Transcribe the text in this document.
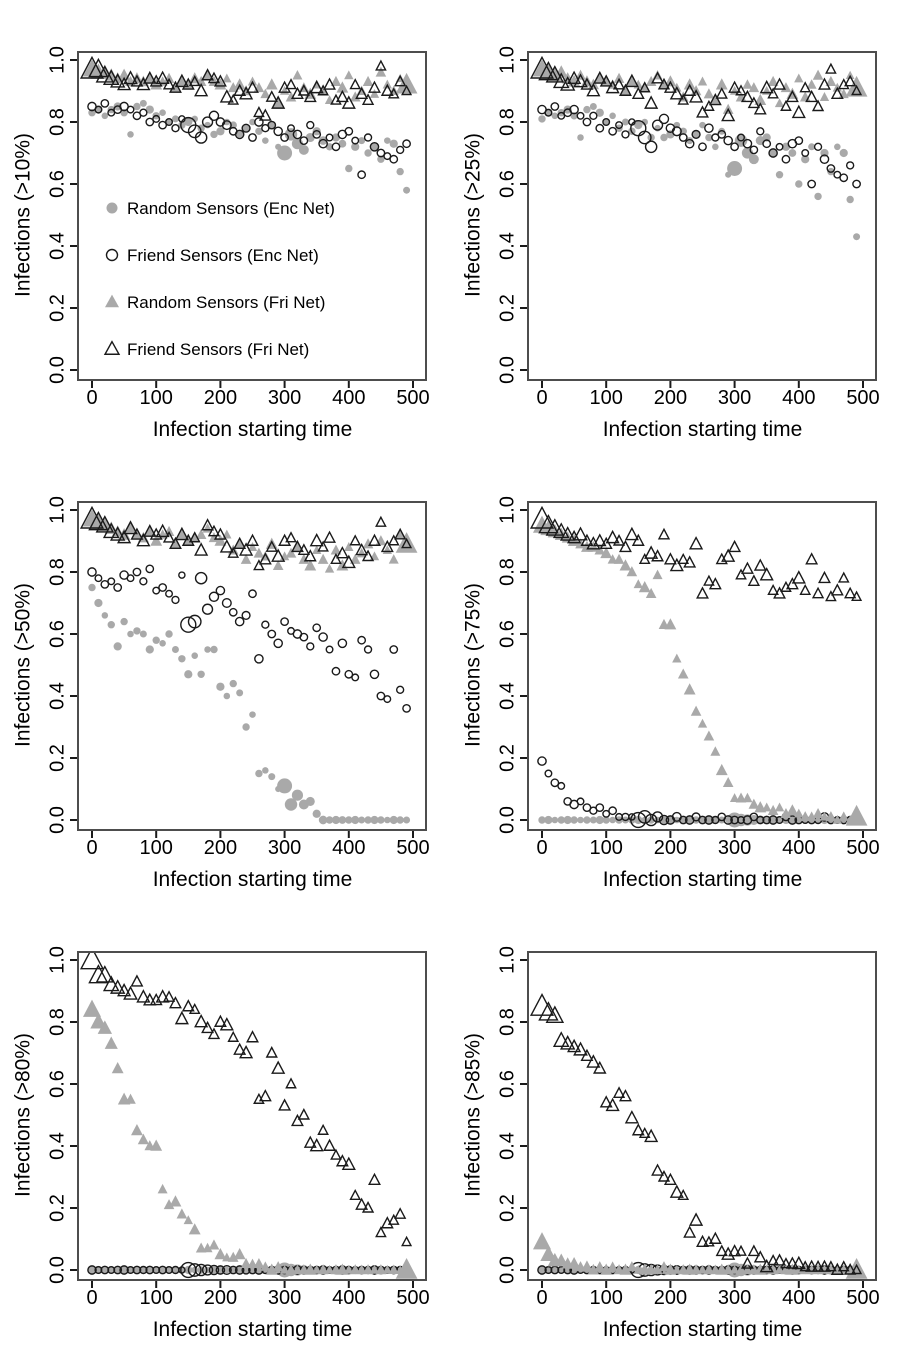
0 100 200 300 400 500
0.0
0.2
0.4
0.6
0.8
1.0
Infection starting time
Infections (>10%)	Random Sensors (Enc Net)
Friend Sensors (Enc Net)
Random Sensors (Fri Net)
Friend Sensors (Fri Net)
0 100 200 300 400 500
0.0
0.2
0.4
0.6
0.8
1.0
Infection starting time
Infections (>25%)
0 100 200 300 400 500
0.0
0.2
0.4
0.6
0.8
1.0
Infection starting time
Infections (>50%)
0 100 200 300 400 500
0.0
0.2
0.4
0.6
0.8
1.0
Infection starting time
Infections (>75%)
0 100 200 300 400 500
0.0
0.2
0.4
0.6
0.8
1.0
Infection starting time
Infections (>80%)
0 100 200 300 400 500
0.0
0.2
0.4
0.6
0.8
1.0
Infection starting time
Infections (>85%)
